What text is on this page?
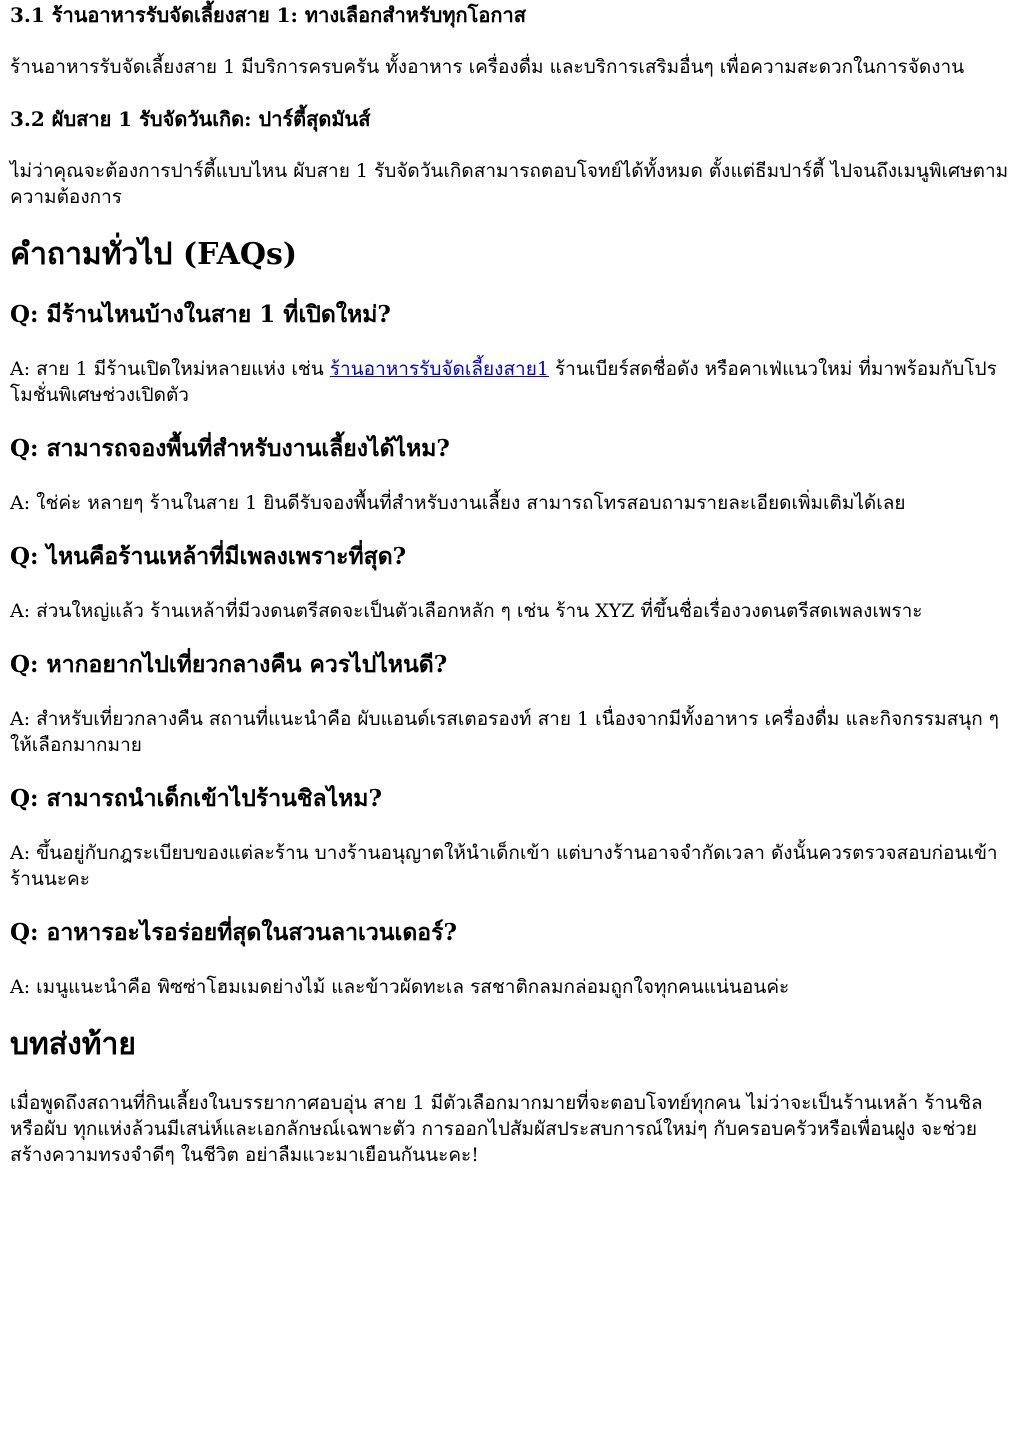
3.1 ร้านอาหารรับจัดเลี้ยงสาย 1: ทางเลือกสำหรับทุกโอกาส

ร้านอาหารรับจัดเลี้ยงสาย 1 มีบริการครบครัน ทั้งอาหาร เครื่องดื่ม และบริการเสริมอื่นๆ เพื่อความสะดวกในการจัดงาน

3.2 ผับสาย 1 รับจัดวันเกิด: ปาร์ตี้สุดมันส์

ไม่ว่าคุณจะต้องการปาร์ตี้แบบไหน ผับสาย 1 รับจัดวันเกิดสามารถตอบโจทย์ได้ทั้งหมด ตั้งแต่ธีมปาร์ตี้ ไปจนถึงเมนูพิเศษตามความต้องการ

คำถามทั่วไป (FAQs)
Q: มีร้านไหนบ้างในสาย 1 ที่เปิดใหม่?

A: สาย 1 มีร้านเปิดใหม่หลายแห่ง เช่น ร้านอาหารรับจัดเลี้ยงสาย1 ร้านเบียร์สดชื่อดัง หรือคาเฟ่แนวใหม่ ที่มาพร้อมกับโปรโมชั่นพิเศษช่วงเปิดตัว

Q: สามารถจองพื้นที่สำหรับงานเลี้ยงได้ไหม?

A: ใช่ค่ะ หลายๆ ร้านในสาย 1 ยินดีรับจองพื้นที่สำหรับงานเลี้ยง สามารถโทรสอบถามรายละเอียดเพิ่มเติมได้เลย

Q: ไหนคือร้านเหล้าที่มีเพลงเพราะที่สุด?

A: ส่วนใหญ่แล้ว ร้านเหล้าที่มีวงดนตรีสดจะเป็นตัวเลือกหลัก ๆ เช่น ร้าน XYZ ที่ขึ้นชื่อเรื่องวงดนตรีสดเพลงเพราะ

Q: หากอยากไปเที่ยวกลางคืน ควรไปไหนดี?

A: สำหรับเที่ยวกลางคืน สถานที่แนะนำคือ ผับแอนด์เรสเตอรองท์ สาย 1 เนื่องจากมีทั้งอาหาร เครื่องดื่ม และกิจกรรมสนุก ๆ ให้เลือกมากมาย

Q: สามารถนำเด็กเข้าไปร้านชิลไหม?

A: ขึ้นอยู่กับกฎระเบียบของแต่ละร้าน บางร้านอนุญาตให้นำเด็กเข้า แต่บางร้านอาจจำกัดเวลา ดังนั้นควรตรวจสอบก่อนเข้าร้านนะคะ

Q: อาหารอะไรอร่อยที่สุดในสวนลาเวนเดอร์?

A: เมนูแนะนำคือ พิซซ่าโฮมเมดย่างไม้ และข้าวผัดทะเล รสชาติกลมกล่อมถูกใจทุกคนแน่นอนค่ะ

บทส่งท้าย

เมื่อพูดถึงสถานที่กินเลี้ยงในบรรยากาศอบอุ่น สาย 1 มีตัวเลือกมากมายที่จะตอบโจทย์ทุกคน ไม่ว่าจะเป็นร้านเหล้า ร้านชิล หรือผับ ทุกแห่งล้วนมีเสน่ห์และเอกลักษณ์เฉพาะตัว การออกไปสัมผัสประสบการณ์ใหม่ๆ กับครอบครัวหรือเพื่อนฝูง จะช่วยสร้างความทรงจำดีๆ ในชีวิต อย่าลืมแวะมาเยือนกันนะคะ!
